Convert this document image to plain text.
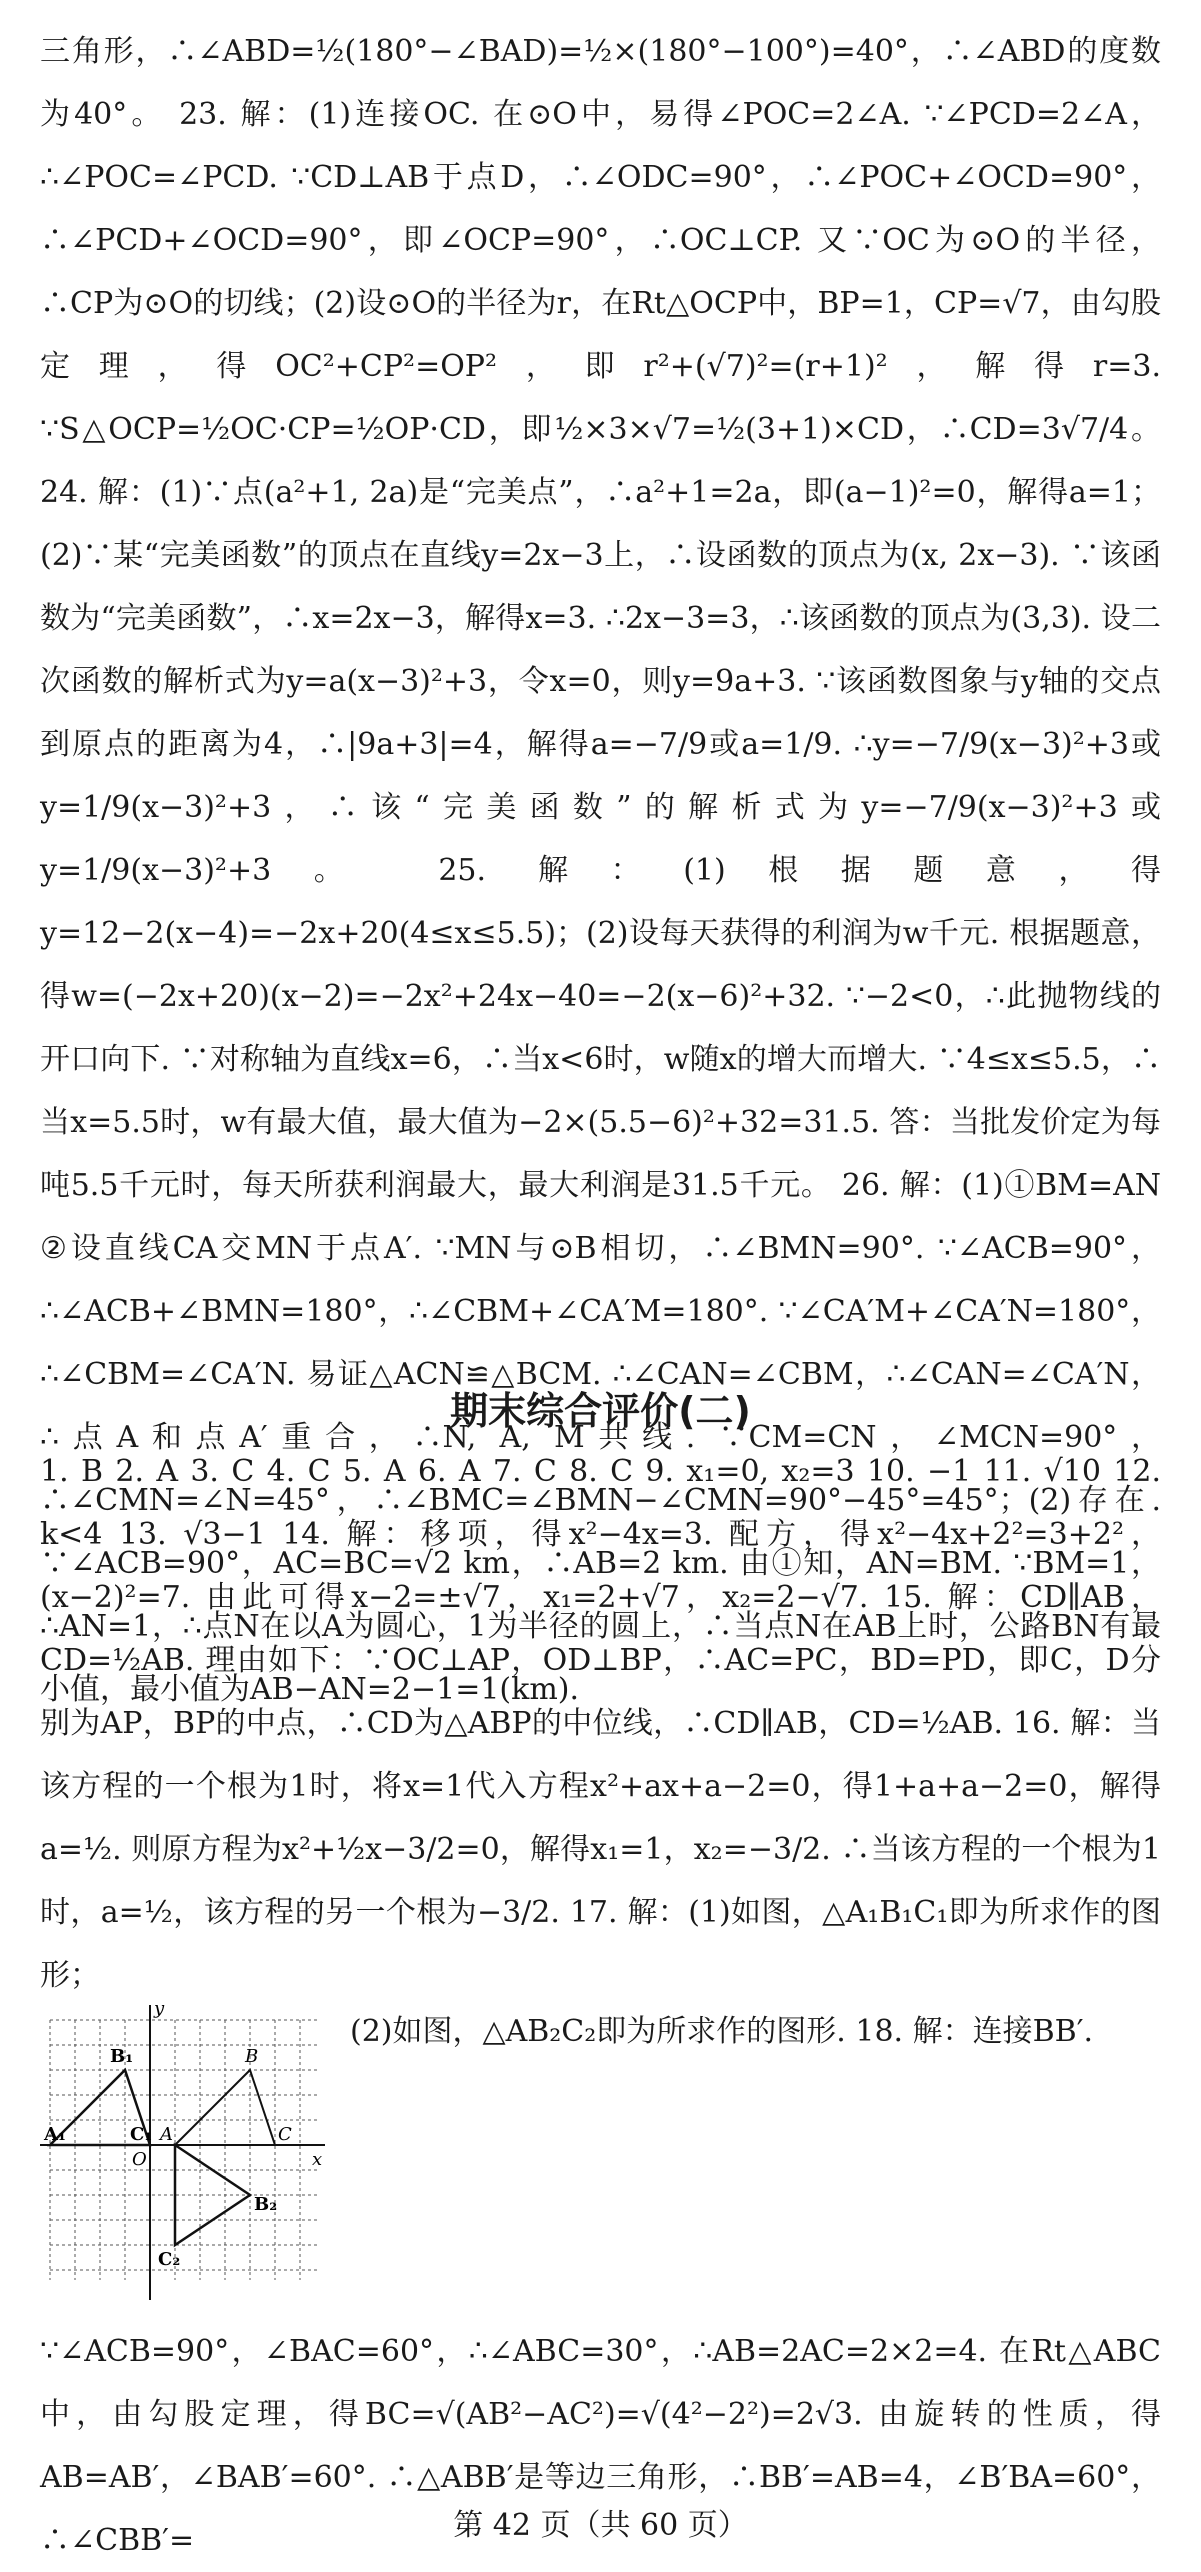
三角形，∴∠ABD=½(180°−∠BAD)=½×(180°−100°)=40°，∴∠ABD的度数为40°。 23. 解：(1)连接OC. 在⊙O中，易得∠POC=2∠A. ∵∠PCD=2∠A，∴∠POC=∠PCD. ∵CD⊥AB于点D，∴∠ODC=90°，∴∠POC+∠OCD=90°，∴∠PCD+∠OCD=90°，即∠OCP=90°，∴OC⊥CP. 又∵OC为⊙O的半径，∴CP为⊙O的切线；(2)设⊙O的半径为r，在Rt△OCP中，BP=1，CP=√7，由勾股定理，得OC²+CP²=OP²，即r²+(√7)²=(r+1)²，解得r=3. ∵S△OCP=½OC·CP=½OP·CD，即½×3×√7=½(3+1)×CD，∴CD=3√7/4。 24. 解：(1)∵点(a²+1, 2a)是“完美点”，∴a²+1=2a，即(a−1)²=0，解得a=1；(2)∵某“完美函数”的顶点在直线y=2x−3上，∴设函数的顶点为(x, 2x−3). ∵该函数为“完美函数”，∴x=2x−3，解得x=3. ∴2x−3=3，∴该函数的顶点为(3,3). 设二次函数的解析式为y=a(x−3)²+3，令x=0，则y=9a+3. ∵该函数图象与y轴的交点到原点的距离为4，∴|9a+3|=4，解得a=−7/9或a=1/9. ∴y=−7/9(x−3)²+3或y=1/9(x−3)²+3，∴该“完美函数”的解析式为y=−7/9(x−3)²+3或y=1/9(x−3)²+3。 25. 解：(1)根据题意，得y=12−2(x−4)=−2x+20(4≤x≤5.5)；(2)设每天获得的利润为w千元. 根据题意，得w=(−2x+20)(x−2)=−2x²+24x−40=−2(x−6)²+32. ∵−2<0，∴此抛物线的开口向下. ∵对称轴为直线x=6，∴当x<6时，w随x的增大而增大. ∵4≤x≤5.5，∴当x=5.5时，w有最大值，最大值为−2×(5.5−6)²+32=31.5. 答：当批发价定为每吨5.5千元时，每天所获利润最大，最大利润是31.5千元。 26. 解：(1)①BM=AN ②设直线CA交MN于点A′. ∵MN与⊙B相切，∴∠BMN=90°. ∵∠ACB=90°，∴∠ACB+∠BMN=180°，∴∠CBM+∠CA′M=180°. ∵∠CA′M+∠CA′N=180°，∴∠CBM=∠CA′N. 易证△ACN≌△BCM. ∴∠CAN=∠CBM，∴∠CAN=∠CA′N，∴点A和点A′重合，∴N, A, M共线. ∵CM=CN，∠MCN=90°，∴∠CMN=∠N=45°，∴∠BMC=∠BMN−∠CMN=90°−45°=45°；(2)存在. ∵∠ACB=90°，AC=BC=√2 km，∴AB=2 km. 由①知，AN=BM. ∵BM=1，∴AN=1，∴点N在以A为圆心，1为半径的圆上，∴当点N在AB上时，公路BN有最小值，最小值为AB−AN=2−1=1(km).

期末综合评价(二)

1. B 2. A 3. C 4. C 5. A 6. A 7. C 8. C 9. x₁=0, x₂=3 10. −1 11. √10 12. k<4 13. √3−1 14. 解：移项，得x²−4x=3. 配方，得x²−4x+2²=3+2²，(x−2)²=7. 由此可得x−2=±√7，x₁=2+√7，x₂=2−√7. 15. 解：CD∥AB，CD=½AB. 理由如下：∵OC⊥AP，OD⊥BP，∴AC=PC，BD=PD，即C，D分别为AP，BP的中点，∴CD为△ABP的中位线，∴CD∥AB，CD=½AB. 16. 解：当该方程的一个根为1时，将x=1代入方程x²+ax+a−2=0，得1+a+a−2=0，解得a=½. 则原方程为x²+½x−3/2=0，解得x₁=1，x₂=−3/2. ∴当该方程的一个根为1时，a=½，该方程的另一个根为−3/2. 17. 解：(1)如图，△A₁B₁C₁即为所求作的图形；

y
x
O
A₁
B₁
C₁ A
B
C
B₂
C₂
(2)如图，△AB₂C₂即为所求作的图形. 18. 解：连接BB′.

∵∠ACB=90°，∠BAC=60°，∴∠ABC=30°，∴AB=2AC=2×2=4. 在Rt△ABC中，由勾股定理，得BC=√(AB²−AC²)=√(4²−2²)=2√3. 由旋转的性质，得AB=AB′，∠BAB′=60°. ∴△ABB′是等边三角形，∴BB′=AB=4，∠B′BA=60°，∴∠CBB′=	第 42 页（共 60 页）
